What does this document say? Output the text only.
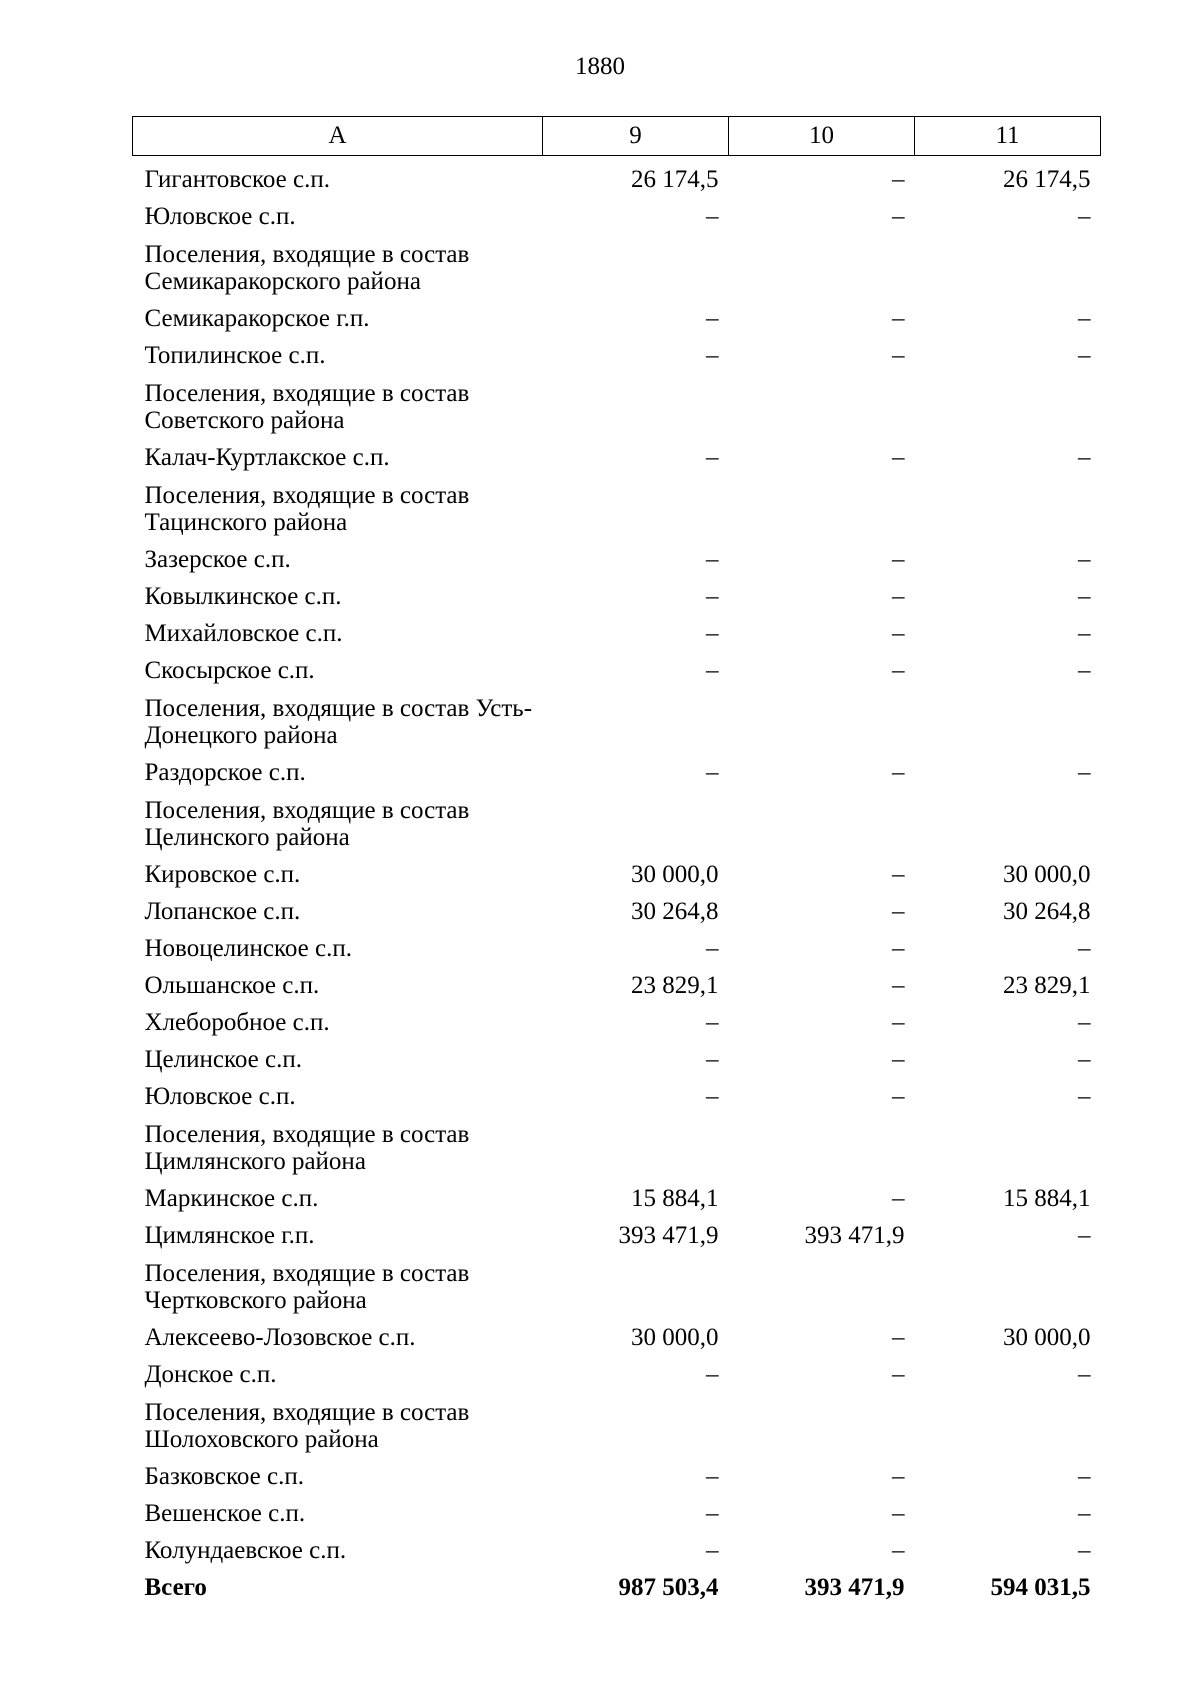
1880
A	9	10	11
Гигантовское с.п.	26 174,5	–	26 174,5
Юловское с.п.	–	–	–
Поселения, входящие в состав Семикаракорского района			
Семикаракорское г.п.	–	–	–
Топилинское с.п.	–	–	–
Поселения, входящие в состав Советского района			
Калач-Куртлакское с.п.	–	–	–
Поселения, входящие в состав Тацинского района			
Зазерское с.п.	–	–	–
Ковылкинское с.п.	–	–	–
Михайловское с.п.	–	–	–
Скосырское с.п.	–	–	–
Поселения, входящие в состав Усть-Донецкого района			
Раздорское с.п.	–	–	–
Поселения, входящие в состав Целинского района			
Кировское с.п.	30 000,0	–	30 000,0
Лопанское с.п.	30 264,8	–	30 264,8
Новоцелинское с.п.	–	–	–
Ольшанское с.п.	23 829,1	–	23 829,1
Хлеборобное с.п.	–	–	–
Целинское с.п.	–	–	–
Юловское с.п.	–	–	–
Поселения, входящие в состав Цимлянского района			
Маркинское с.п.	15 884,1	–	15 884,1
Цимлянское г.п.	393 471,9	393 471,9	–
Поселения, входящие в состав Чертковского района			
Алексеево-Лозовское с.п.	30 000,0	–	30 000,0
Донское с.п.	–	–	–
Поселения, входящие в состав Шолоховского района			
Базковское с.п.	–	–	–
Вешенское с.п.	–	–	–
Колундаевское с.п.	–	–	–
Всего	987 503,4	393 471,9	594 031,5
